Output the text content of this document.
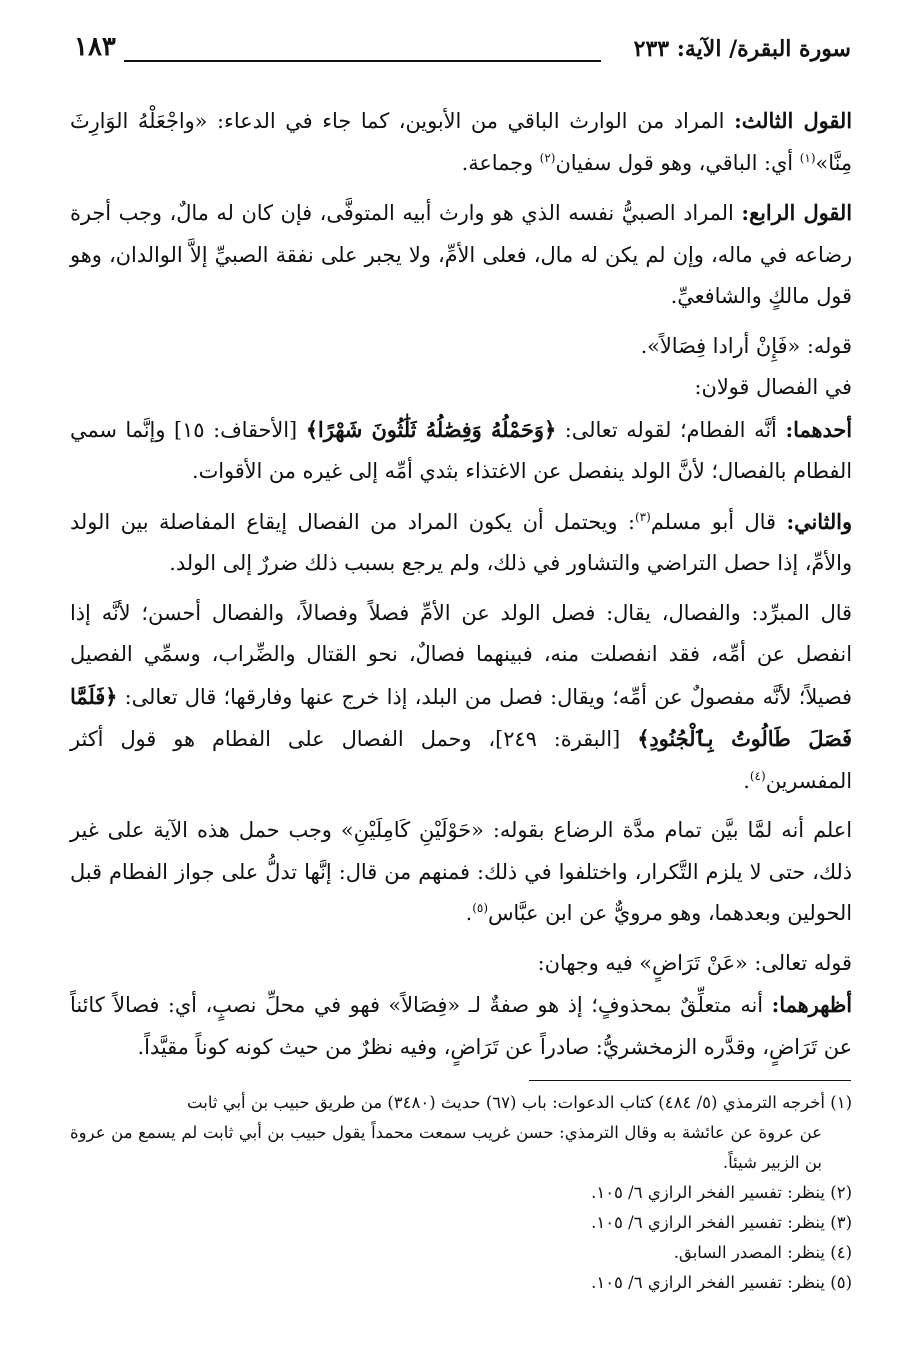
سورة البقرة/ الآية: ٢٣٣
١٨٣

القول الثالث: المراد من الوارث الباقي من الأبوين، كما جاء في الدعاء: «واجْعَلْهُ الوَارِثَ مِنَّا»$^{(١)}$ أي: الباقي، وهو قول سفيان$^{(٢)}$ وجماعة.

القول الرابع: المراد الصبيُّ نفسه الذي هو وارث أبيه المتوفَّى، فإن كان له مالٌ، وجب أجرة رضاعه في ماله، وإن لم يكن له مال، فعلى الأمِّ، ولا يجبر على نفقة الصبيِّ إلاَّ الوالدان، وهو قول مالكٍ والشافعيِّ.

قوله: «فَإِنْ أرادا فِصَالاً».

في الفصال قولان:

أحدهما: أنَّه الفطام؛ لقوله تعالى: ﴿وَحَمْلُهُ وَفِصَٰلُهُ ثَلَٰثُونَ شَهْرًا﴾ [الأحقاف: ١٥] وإنَّما سمي الفطام بالفصال؛ لأنَّ الولد ينفصل عن الاغتذاء بثدي أمِّه إلى غيره من الأقوات.

والثاني: قال أبو مسلم$^{(٣)}$: ويحتمل أن يكون المراد من الفصال إيقاع المفاصلة بين الولد والأمِّ، إذا حصل التراضي والتشاور في ذلك، ولم يرجع بسبب ذلك ضررٌ إلى الولد.

قال المبرِّد: والفصال، يقال: فصل الولد عن الأمِّ فصلاً وفصالاً، والفصال أحسن؛ لأنَّه إذا انفصل عن أمِّه، فقد انفصلت منه، فبينهما فصالٌ، نحو القتال والضِّراب، وسمِّي الفصيل فصيلاً؛ لأنَّه مفصولٌ عن أمِّه؛ ويقال: فصل من البلد، إذا خرج عنها وفارقها؛ قال تعالى: ﴿فَلَمَّا فَصَلَ طَالُوتُ بِٱلْجُنُودِ﴾ [البقرة: ٢٤٩]، وحمل الفصال على الفطام هو قول أكثر المفسرين$^{(٤)}$.

اعلم أنه لمَّا بيَّن تمام مدَّة الرضاع بقوله: «حَوْلَيْنِ كَامِلَيْنِ» وجب حمل هذه الآية على غير ذلك، حتى لا يلزم التَّكرار، واختلفوا في ذلك: فمنهم من قال: إنَّها تدلُّ على جواز الفطام قبل الحولين وبعدهما، وهو مرويٌّ عن ابن عبَّاس$^{(٥)}$.

قوله تعالى: «عَنْ تَرَاضٍ» فيه وجهان:

أظهرهما: أنه متعلِّقٌ بمحذوفٍ؛ إذ هو صفةٌ لـ «فِصَالاً» فهو في محلِّ نصبٍ، أي: فصالاً كائناً عن تَرَاضٍ، وقدَّره الزمخشريُّ: صادراً عن تَرَاضٍ، وفيه نظرٌ من حيث كونه كوناً مقيَّداً.

(١) أخرجه الترمذي (٥/ ٤٨٤) كتاب الدعوات: باب (٦٧) حديث (٣٤٨٠) من طريق حبيب بن أبي ثابت

عن عروة عن عائشة به وقال الترمذي: حسن غريب سمعت محمداً يقول حبيب بن أبي ثابت لم يسمع من عروة بن الزبير شيئاً.

(٢) ينظر: تفسير الفخر الرازي ٦/ ١٠٥.

(٣) ينظر: تفسير الفخر الرازي ٦/ ١٠٥.

(٤) ينظر: المصدر السابق.

(٥) ينظر: تفسير الفخر الرازي ٦/ ١٠٥.
